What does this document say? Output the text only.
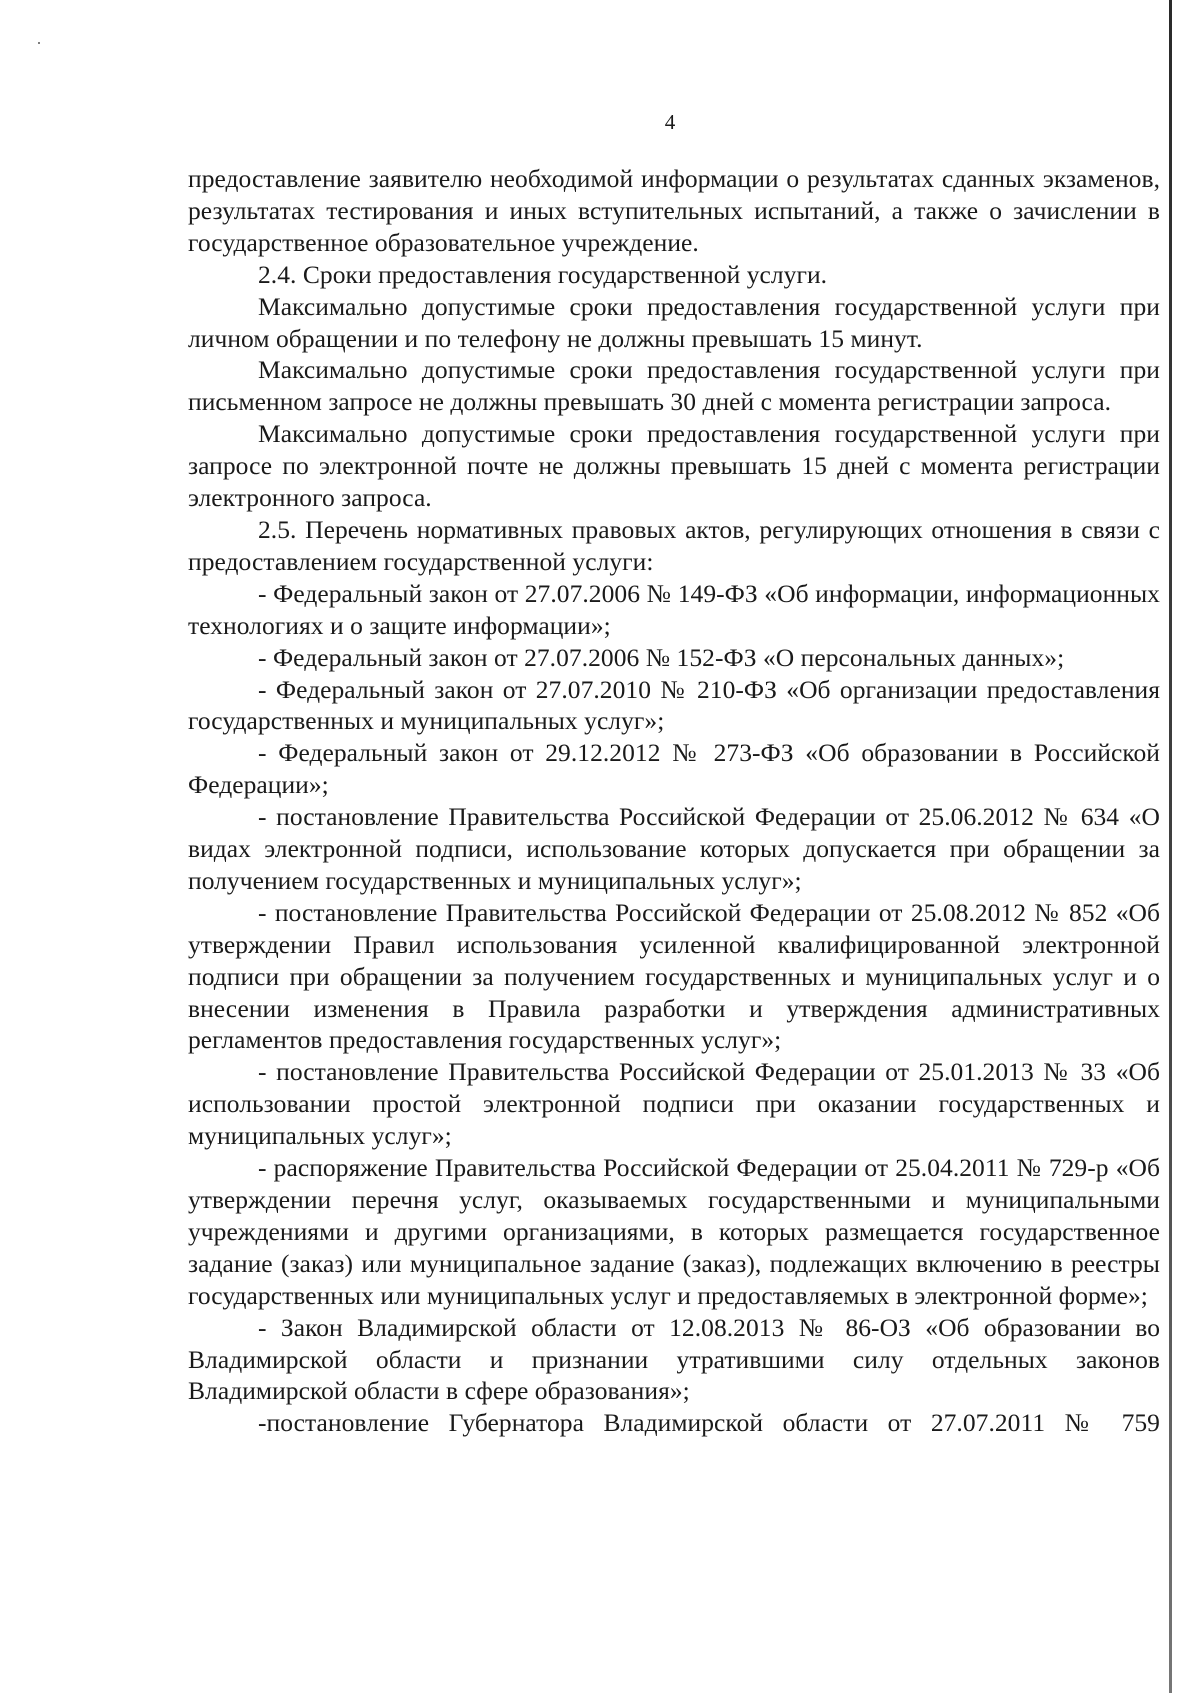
4

предоставление заявителю необходимой информации о результатах сданных экзаменов, результатах тестирования и иных вступительных испытаний, а также о зачислении в государственное образовательное учреждение.

2.4. Сроки предоставления государственной услуги.

Максимально допустимые сроки предоставления государственной услуги при личном обращении и по телефону не должны превышать 15 минут.

Максимально допустимые сроки предоставления государственной услуги при письменном запросе не должны превышать 30 дней с момента регистрации запроса.

Максимально допустимые сроки предоставления государственной услуги при запросе по электронной почте не должны превышать 15 дней с момента регистрации электронного запроса.

2.5. Перечень нормативных правовых актов, регулирующих отношения в связи с предоставлением государственной услуги:

- Федеральный закон от 27.07.2006 № 149-ФЗ «Об информации, информационных технологиях и о защите информации»;

- Федеральный закон от 27.07.2006 № 152-ФЗ «О персональных данных»;

- Федеральный закон от 27.07.2010 № 210-ФЗ «Об организации предоставления государственных и муниципальных услуг»;

- Федеральный закон от 29.12.2012 № 273-ФЗ «Об образовании в Российской Федерации»;

- постановление Правительства Российской Федерации от 25.06.2012 № 634 «О видах электронной подписи, использование которых допускается при обращении за получением государственных и муниципальных услуг»;

- постановление Правительства Российской Федерации от 25.08.2012 № 852 «Об утверждении Правил использования усиленной квалифицированной электронной подписи при обращении за получением государственных и муниципальных услуг и о внесении изменения в Правила разработки и утверждения административных регламентов предоставления государственных услуг»;

- постановление Правительства Российской Федерации от 25.01.2013 № 33 «Об использовании простой электронной подписи при оказании государственных и муниципальных услуг»;

- распоряжение Правительства Российской Федерации от 25.04.2011 № 729-р «Об утверждении перечня услуг, оказываемых государственными и муниципальными учреждениями и другими организациями, в которых размещается государственное задание (заказ) или муниципальное задание (заказ), подлежащих включению в реестры государственных или муниципальных услуг и предоставляемых в электронной форме»;

- Закон Владимирской области от 12.08.2013 № 86-ОЗ «Об образовании во Владимирской области и признании утратившими силу отдельных законов Владимирской области в сфере образования»;

-постановление Губернатора Владимирской области от 27.07.2011 № 759
